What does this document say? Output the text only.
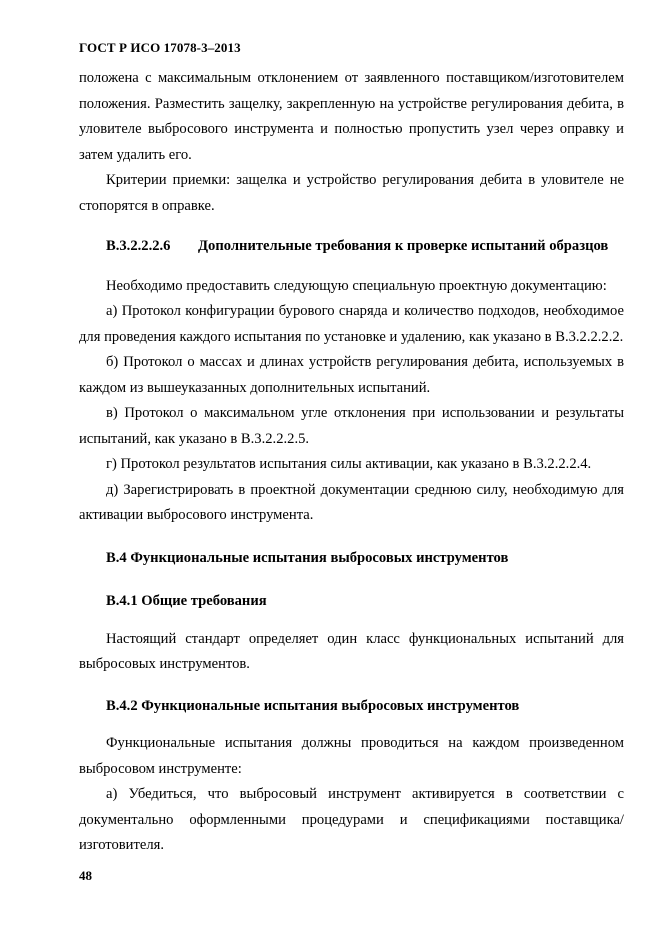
ГОСТ Р ИСО 17078-3–2013

положена с максимальным отклонением от заявленного поставщиком/изготовителем положения. Разместить защелку, закрепленную на устройстве регулирования дебита, в уловителе выбросового инструмента и полностью пропустить узел через оправку и затем удалить его.

Критерии приемки: защелка и устройство регулирования дебита в уловителе не стопорятся в оправке.

В.3.2.2.2.6 Дополнительные требования к проверке испытаний образцов

Необходимо предоставить следующую специальную проектную документацию:

а) Протокол конфигурации бурового снаряда и количество подходов, необходимое для проведения каждого испытания по установке и удалению, как указано в В.3.2.2.2.2.

б) Протокол о массах и длинах устройств регулирования дебита, используемых в каждом из вышеуказанных дополнительных испытаний.

в) Протокол о максимальном угле отклонения при использовании и результаты испытаний, как указано в В.3.2.2.2.5.

г) Протокол результатов испытания силы активации, как указано в В.3.2.2.2.4.

д) Зарегистрировать в проектной документации среднюю силу, необходимую для активации выбросового инструмента.

В.4 Функциональные испытания выбросовых инструментов
В.4.1 Общие требования

Настоящий стандарт определяет один класс функциональных испытаний для выбросовых инструментов.

В.4.2 Функциональные испытания выбросовых инструментов

Функциональные испытания должны проводиться на каждом произведенном выбросовом инструменте:

а) Убедиться, что выбросовый инструмент активируется в соответствии с документально оформленными процедурами и спецификациями поставщика/изготовителя.

48
